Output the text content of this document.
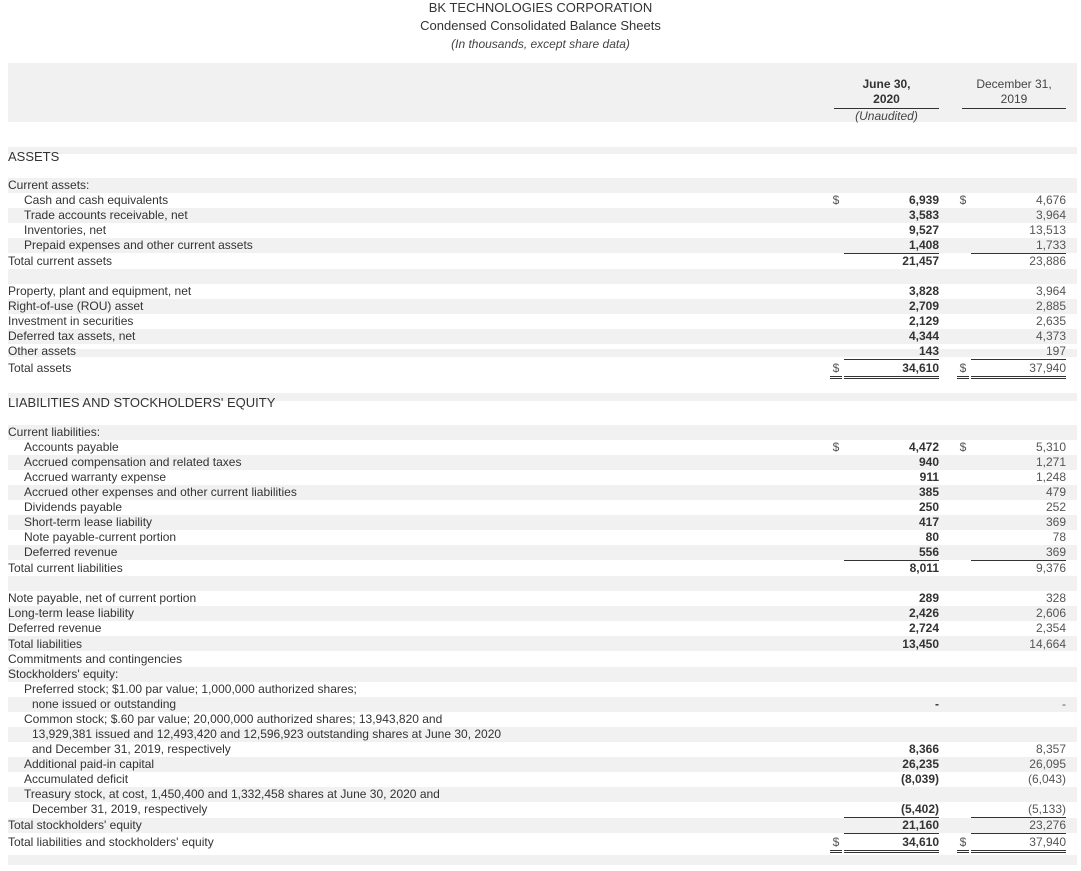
BK TECHNOLOGIES CORPORATION
Condensed Consolidated Balance Sheets
(In thousands, except share data)
June 30,
2020
(Unaudited)
December 31,
2019
ASSETS
Current assets:
Cash and cash equivalents	$	6,939 $	4,676
Trade accounts receivable, net	3,583	3,964
Inventories, net	9,527	13,513
Prepaid expenses and other current assets	1,408	1,733
Total current assets	21,457	23,886
Property, plant and equipment, net	3,828	3,964
Right-of-use (ROU) asset	2,709	2,885
Investment in securities	2,129	2,635
Deferred tax assets, net	4,344	4,373
Other assets	143	197
Total assets	$	34,610 $	37,940
LIABILITIES AND STOCKHOLDERS' EQUITY
Current liabilities:
Accounts payable	$	4,472 $	5,310
Accrued compensation and related taxes	940	1,271
Accrued warranty expense	911	1,248
Accrued other expenses and other current liabilities	385	479
Dividends payable	250	252
Short-term lease liability	417	369
Note payable-current portion	80	78
Deferred revenue	556	369
Total current liabilities	8,011	9,376
Note payable, net of current portion	289	328
Long-term lease liability	2,426	2,606
Deferred revenue	2,724	2,354
Total liabilities	13,450	14,664
Commitments and contingencies
Stockholders' equity:
Preferred stock; $1.00 par value; 1,000,000 authorized shares;
none issued or outstanding	-	-
Common stock; $.60 par value; 20,000,000 authorized shares; 13,943,820 and
13,929,381 issued and 12,493,420 and 12,596,923 outstanding shares at June 30, 2020
and December 31, 2019, respectively	8,366	8,357
Additional paid-in capital	26,235	26,095
Accumulated deficit	(8,039)	(6,043)
Treasury stock, at cost, 1,450,400 and 1,332,458 shares at June 30, 2020 and
December 31, 2019, respectively	(5,402)	(5,133)
Total stockholders' equity	21,160	23,276
Total liabilities and stockholders' equity	$	34,610 $	37,940
